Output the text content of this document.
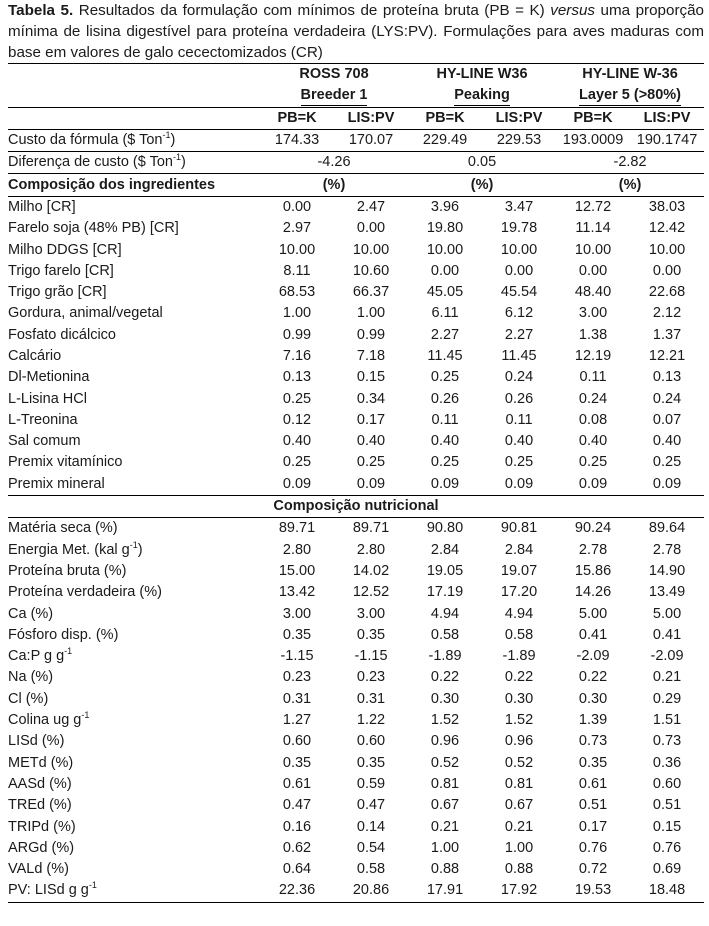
Tabela 5. Resultados da formulação com mínimos de proteína bruta (PB = K) versus uma proporção mínima de lisina digestível para proteína verdadeira (LYS:PV). Formulações para aves maduras com base em valores de galo cecectomizados (CR)

	ROSS 708		HY-LINE W36		HY-LINE W-36	
	Breeder 1		Peaking		Layer 5 (>80%)	
	PB=K	LIS:PV	PB=K	LIS:PV	PB=K	LIS:PV
Custo da fórmula ($ Ton$^{-1}$)	174.33	170.07	229.49	229.53	193.0009	190.1747
Diferença de custo ($ Ton$^{-1}$)	-4.26		0.05		-2.82	
Composição dos ingredientes	(%)		(%)		(%)	
Milho [CR]	0.00	2.47	3.96	3.47	12.72	38.03
Farelo soja (48% PB) [CR]	2.97	0.00	19.80	19.78	11.14	12.42
Milho DDGS [CR]	10.00	10.00	10.00	10.00	10.00	10.00
Trigo farelo [CR]	8.11	10.60	0.00	0.00	0.00	0.00
Trigo grão [CR]	68.53	66.37	45.05	45.54	48.40	22.68
Gordura, animal/vegetal	1.00	1.00	6.11	6.12	3.00	2.12
Fosfato dicálcico	0.99	0.99	2.27	2.27	1.38	1.37
Calcário	7.16	7.18	11.45	11.45	12.19	12.21
Dl-Metionina	0.13	0.15	0.25	0.24	0.11	0.13
L-Lisina HCl	0.25	0.34	0.26	0.26	0.24	0.24
L-Treonina	0.12	0.17	0.11	0.11	0.08	0.07
Sal comum	0.40	0.40	0.40	0.40	0.40	0.40
Premix vitamínico	0.25	0.25	0.25	0.25	0.25	0.25
Premix mineral	0.09	0.09	0.09	0.09	0.09	0.09
Composição nutricional						
Matéria seca (%)	89.71	89.71	90.80	90.81	90.24	89.64
Energia Met. (kal $g^{-1}$)	2.80	2.80	2.84	2.84	2.78	2.78
Proteína bruta (%)	15.00	14.02	19.05	19.07	15.86	14.90
Proteína verdadeira (%)	13.42	12.52	17.19	17.20	14.26	13.49
Ca (%)	3.00	3.00	4.94	4.94	5.00	5.00
Fósforo disp. (%)	0.35	0.35	0.58	0.58	0.41	0.41
Ca:P g $g^{-1}$	-1.15	-1.15	-1.89	-1.89	-2.09	-2.09
Na (%)	0.23	0.23	0.22	0.22	0.22	0.21
Cl (%)	0.31	0.31	0.30	0.30	0.30	0.29
Colina ug $g^{-1}$	1.27	1.22	1.52	1.52	1.39	1.51
LISd (%)	0.60	0.60	0.96	0.96	0.73	0.73
METd (%)	0.35	0.35	0.52	0.52	0.35	0.36
AASd (%)	0.61	0.59	0.81	0.81	0.61	0.60
TREd (%)	0.47	0.47	0.67	0.67	0.51	0.51
TRIPd (%)	0.16	0.14	0.21	0.21	0.17	0.15
ARGd (%)	0.62	0.54	1.00	1.00	0.76	0.76
VALd (%)	0.64	0.58	0.88	0.88	0.72	0.69
PV: LISd g $g^{-1}$	22.36	20.86	17.91	17.92	19.53	18.48
